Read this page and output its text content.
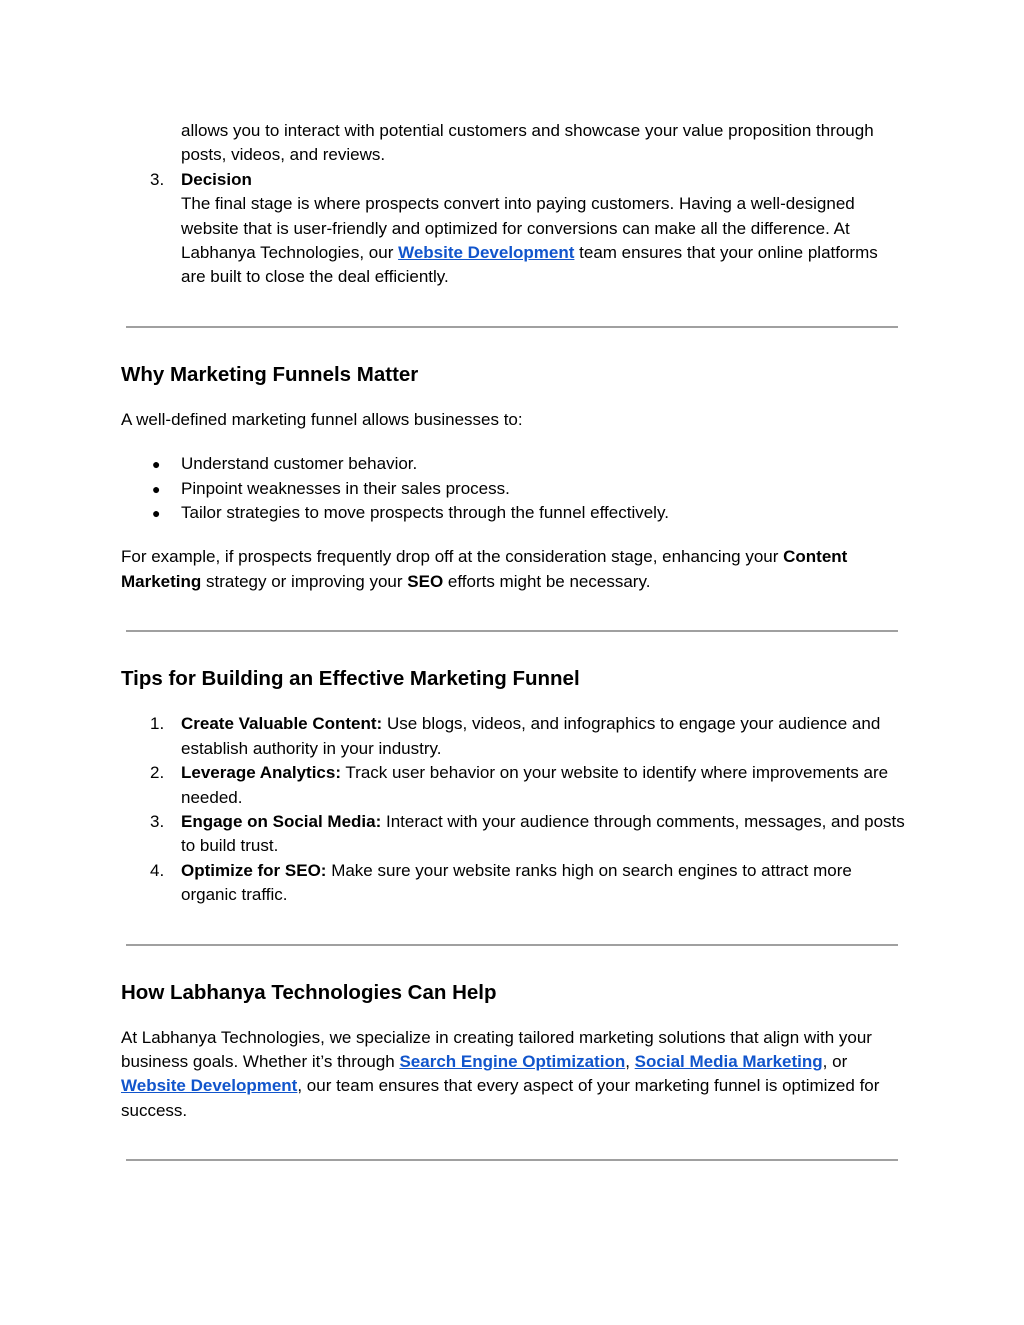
allows you to interact with potential customers and showcase your value proposition through posts, videos, and reviews.

3. Decision

The final stage is where prospects convert into paying customers. Having a well-designed website that is user-friendly and optimized for conversions can make all the difference. At Labhanya Technologies, our Website Development team ensures that your online platforms are built to close the deal efficiently.

Why Marketing Funnels Matter

A well-defined marketing funnel allows businesses to:

● Understand customer behavior.
● Pinpoint weaknesses in their sales process.
● Tailor strategies to move prospects through the funnel effectively.

For example, if prospects frequently drop off at the consideration stage, enhancing your Content Marketing strategy or improving your SEO efforts might be necessary.

Tips for Building an Effective Marketing Funnel
1. Create Valuable Content: Use blogs, videos, and infographics to engage your audience and establish authority in your industry.
2. Leverage Analytics: Track user behavior on your website to identify where improvements are needed.
3. Engage on Social Media: Interact with your audience through comments, messages, and posts to build trust.
4. Optimize for SEO: Make sure your website ranks high on search engines to attract more organic traffic.
How Labhanya Technologies Can Help

At Labhanya Technologies, we specialize in creating tailored marketing solutions that align with your business goals. Whether it’s through Search Engine Optimization, Social Media Marketing, or Website Development, our team ensures that every aspect of your marketing funnel is optimized for success.
